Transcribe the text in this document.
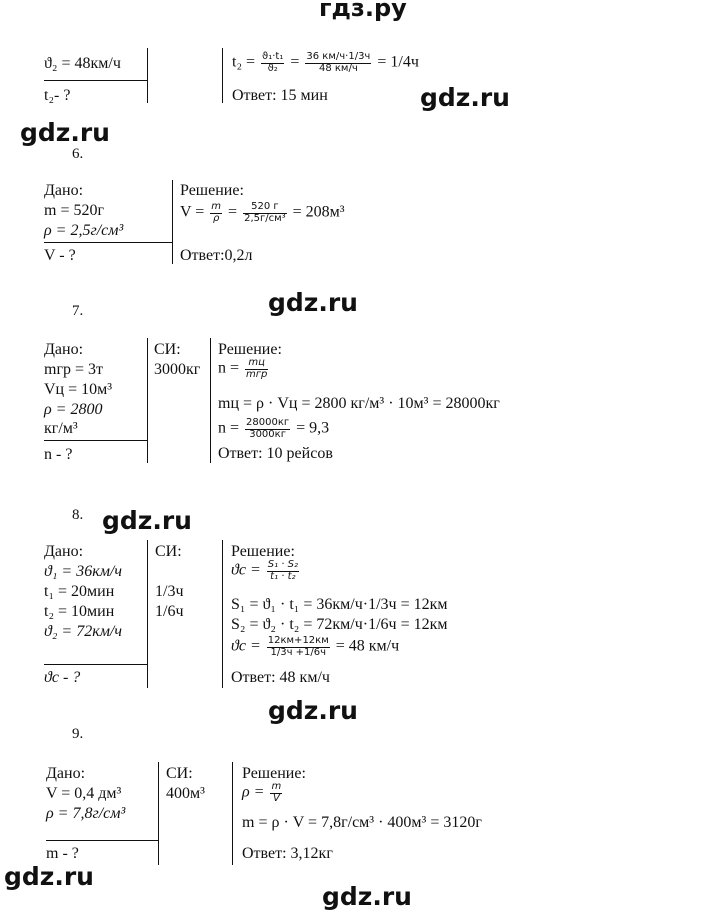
гдз.ру
ϑ₂ = 48км/ч
t₂- ?
$t_2 = \frac{\text{ϑ₁·t₁}}{\text{ϑ₂}} = \frac{36 км/ч\cdot 1/3ч}{48 км/ч} = 1/4ч$
Ответ: 15 мин	gdz.ru
gdz.ru
6.
Дано:
m = 520г
ρ = 2,5г/см³
V - ?
Решение:
$V = \frac{m}{\rho} = \frac{520 г}{\text{2,5г/см³}} = 208м^3$
Ответ:0,2л
gdz.ru
7.
Дано:
mгр = 3т
Vц = 10м³
ρ = 2800
кг/м³
n - ?
СИ:
3000кг
Решение:
$n = \frac{mц}{\text{mгр}}$
mц = ρ · Vц = 2800 кг/м³ · 10м³ = 28000кг
$n = \frac{28000кг}{3000кг} = 9,3$
Ответ: 10 рейсов
8. gdz.ru
Дано:
ϑ₁ = 36км/ч
t₁ = 20мин
t₂ = 10мин
ϑ₂ = 72км/ч
ϑс - ?
СИ:
1/3ч
1/6ч
Решение:
$ϑс = \frac{\text{S₁ · S₂}}{\text{t₁ · t₂}}$
S₁ = ϑ₁ · t₁ = 36км/ч·1/3ч = 12км
S₂ = ϑ₂ · t₂ = 72км/ч·1/6ч = 12км
$ϑс = \frac{12км+12км}{1/3ч +1/6ч} = 48$ км/ч
Ответ: 48 км/ч
gdz.ru
9.
Дано:
V = 0,4 дм³
ρ = 7,8г/см³
m - ?
СИ:
400м³
Решение:
$\rho = \frac{m}{V}$
m = ρ · V = 7,8г/см³ · 400м³ = 3120г
Ответ: 3,12кг
gdz.ru
gdz.ru
